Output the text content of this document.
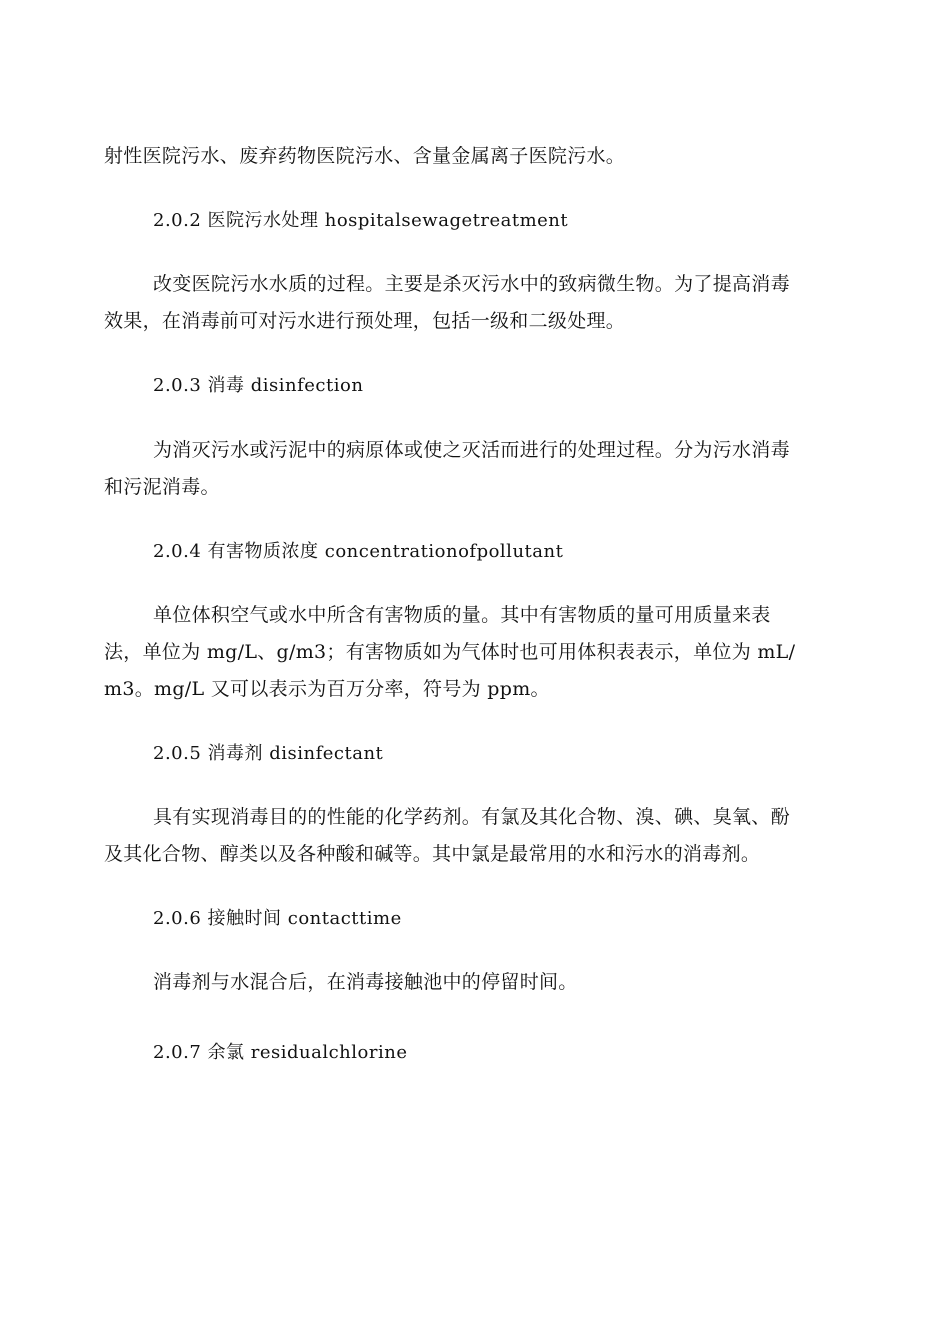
射性医院污水、废弃药物医院污水、含量金属离子医院污水。
2.0.2 医院污水处理 hospitalsewagetreatment
改变医院污水水质的过程。主要是杀灭污水中的致病微生物。为了提高消毒
效果，在消毒前可对污水进行预处理，包括一级和二级处理。
2.0.3 消毒 disinfection
为消灭污水或污泥中的病原体或使之灭活而进行的处理过程。分为污水消毒
和污泥消毒。
2.0.4 有害物质浓度 concentrationofpollutant
单位体积空气或水中所含有害物质的量。其中有害物质的量可用质量来表
法，单位为 mg/L、g/m3；有害物质如为气体时也可用体积表表示，单位为 mL/
m3。mg/L 又可以表示为百万分率，符号为 ppm。
2.0.5 消毒剂 disinfectant
具有实现消毒目的的性能的化学药剂。有氯及其化合物、溴、碘、臭氧、酚
及其化合物、醇类以及各种酸和碱等。其中氯是最常用的水和污水的消毒剂。
2.0.6 接触时间 contacttime
消毒剂与水混合后，在消毒接触池中的停留时间。
2.0.7 余氯 residualchlorine
